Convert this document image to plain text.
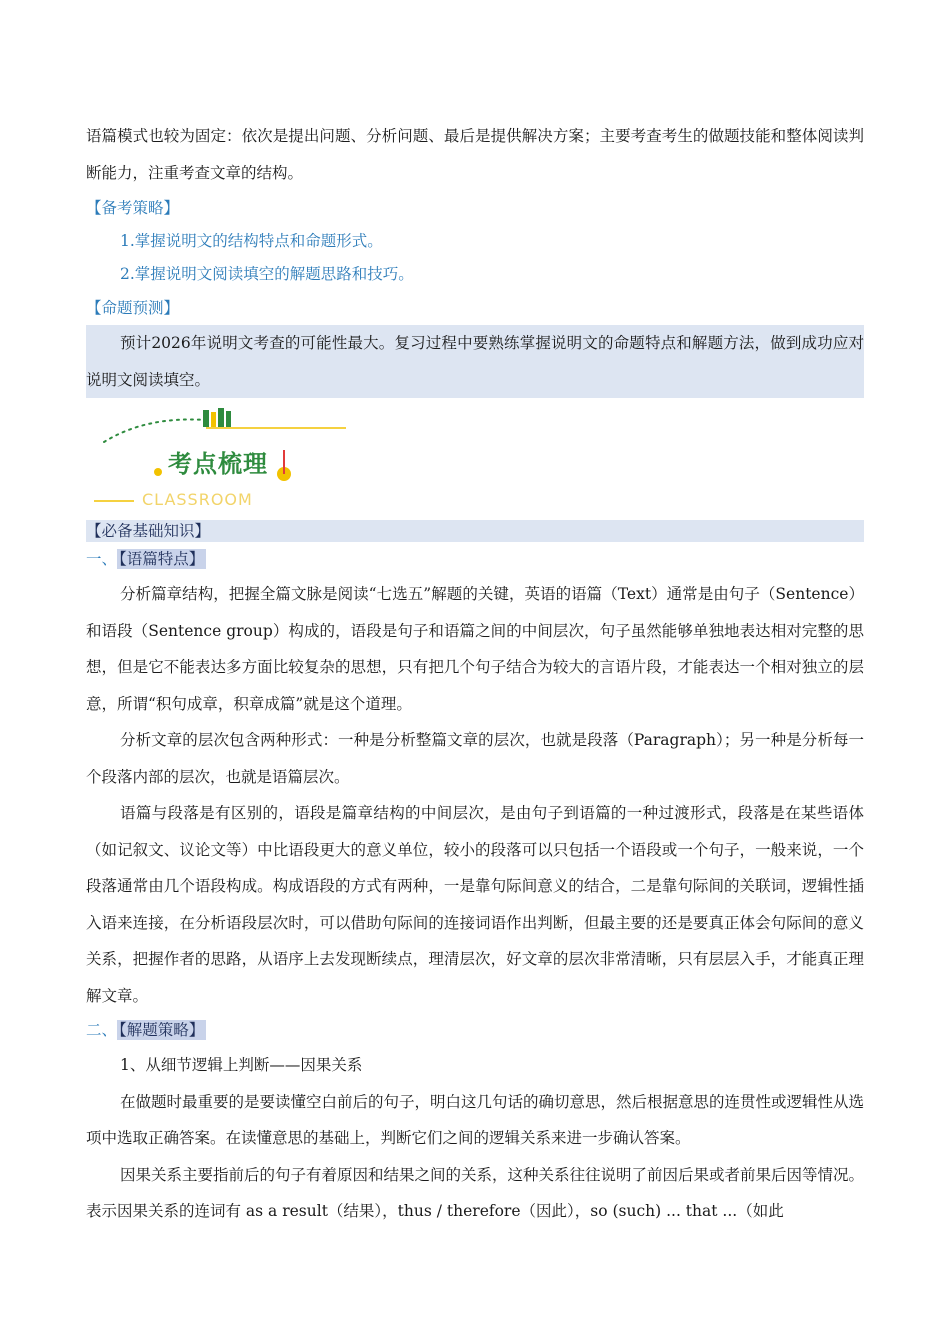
语篇模式也较为固定：依次是提出问题、分析问题、最后是提供解决方案；主要考查考生的做题技能和整体阅读判断能力，注重考查文章的结构。

【备考策略】

1.掌握说明文的结构特点和命题形式。

2.掌握说明文阅读填空的解题思路和技巧。

【命题预测】

预计2026年说明文考查的可能性最大。复习过程中要熟练掌握说明文的命题特点和解题方法，做到成功应对说明文阅读填空。

考点梳理
CLASSROOM

【必备基础知识】

一、 【语篇特点】

分析篇章结构，把握全篇文脉是阅读“七选五”解题的关键，英语的语篇（Text）通常是由句子（Sentence）和语段（Sentence group）构成的，语段是句子和语篇之间的中间层次，句子虽然能够单独地表达相对完整的思想，但是它不能表达多方面比较复杂的思想，只有把几个句子结合为较大的言语片段，才能表达一个相对独立的层意，所谓“积句成章，积章成篇”就是这个道理。

分析文章的层次包含两种形式：一种是分析整篇文章的层次，也就是段落（Paragraph）；另一种是分析每一个段落内部的层次，也就是语篇层次。

语篇与段落是有区别的，语段是篇章结构的中间层次，是由句子到语篇的一种过渡形式，段落是在某些语体（如记叙文、议论文等）中比语段更大的意义单位，较小的段落可以只包括一个语段或一个句子，一般来说，一个段落通常由几个语段构成。构成语段的方式有两种，一是靠句际间意义的结合，二是靠句际间的关联词，逻辑性插入语来连接，在分析语段层次时，可以借助句际间的连接词语作出判断，但最主要的还是要真正体会句际间的意义关系，把握作者的思路，从语序上去发现断续点，理清层次，好文章的层次非常清晰，只有层层入手，才能真正理解文章。

二、 【解题策略】

1、从细节逻辑上判断——因果关系

在做题时最重要的是要读懂空白前后的句子，明白这几句话的确切意思，然后根据意思的连贯性或逻辑性从选项中选取正确答案。在读懂意思的基础上，判断它们之间的逻辑关系来进一步确认答案。

因果关系主要指前后的句子有着原因和结果之间的关系，这种关系往往说明了前因后果或者前果后因等情况。表示因果关系的连词有 as a result（结果），thus / therefore（因此），so (such) ... that ...（如此
